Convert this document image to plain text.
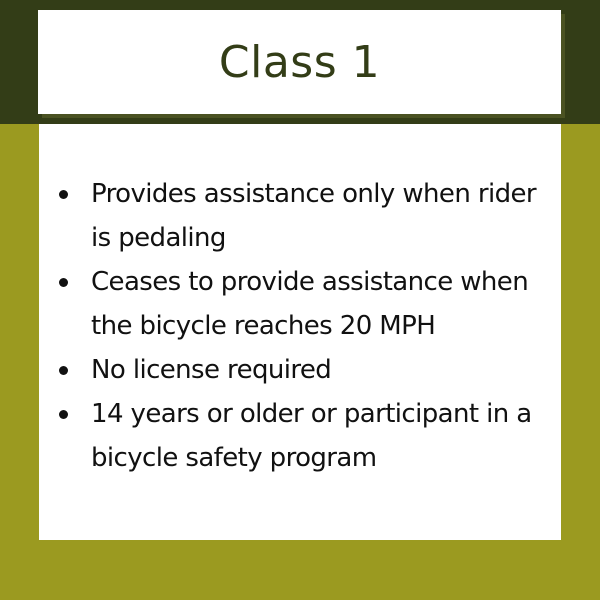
Class 1
Provides assistance only when rider is pedaling
Ceases to provide assistance when the bicycle reaches 20 MPH
No license required
14 years or older or participant in a bicycle safety program
